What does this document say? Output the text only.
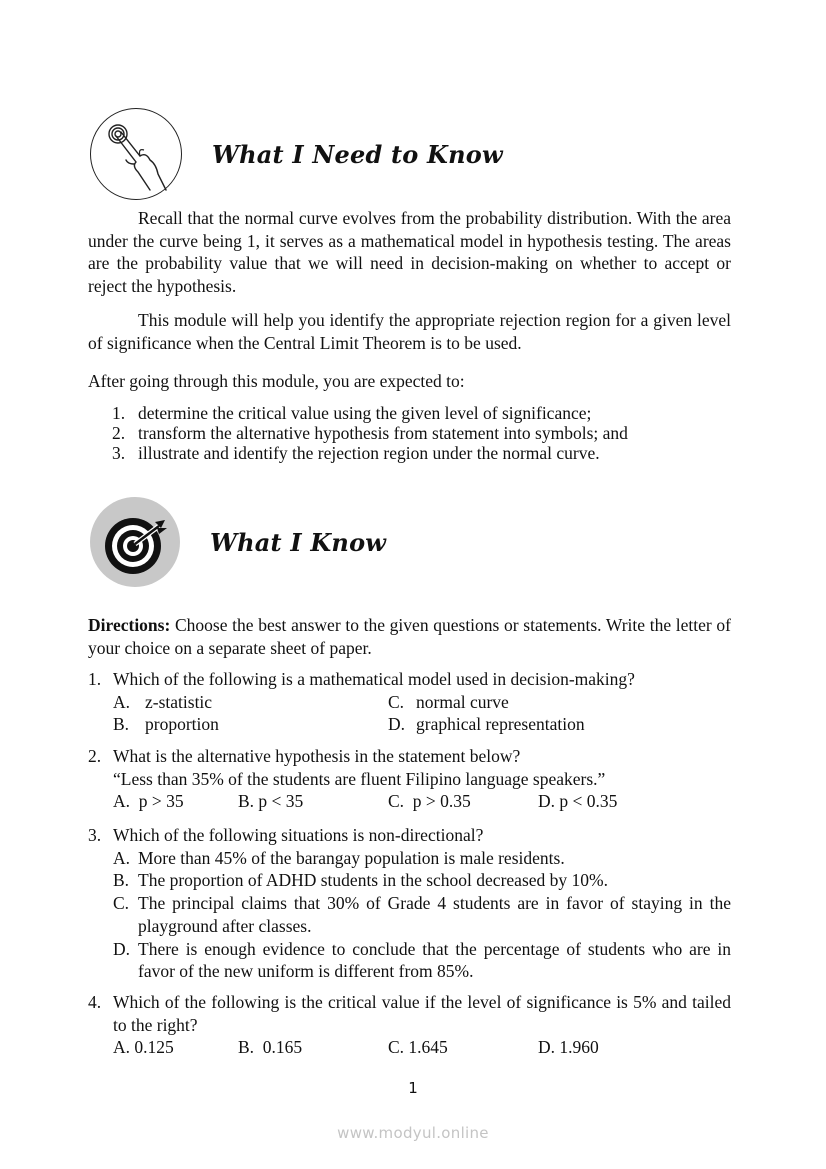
What I Need to Know
Recall that the normal curve evolves from the probability distribution. With the area under the curve being 1, it serves as a mathematical model in hypothesis testing. The areas are the probability value that we will need in decision-making on whether to accept or reject the hypothesis.
This module will help you identify the appropriate rejection region for a given level of significance when the Central Limit Theorem is to be used.
After going through this module, you are expected to:
1. determine the critical value using the given level of significance;
2. transform the alternative hypothesis from statement into symbols; and
3. illustrate and identify the rejection region under the normal curve.
What I Know
Directions: Choose the best answer to the given questions or statements. Write the letter of your choice on a separate sheet of paper.
1. Which of the following is a mathematical model used in decision-making?
A. z-statistic	C. normal curve
B. proportion	D. graphical representation
2. What is the alternative hypothesis in the statement below?
“Less than 35% of the students are fluent Filipino language speakers.”
A.  p > 35	B. p < 35	C.  p > 0.35	D. p < 0.35
3. Which of the following situations is non-directional?
A. More than 45% of the barangay population is male residents.
B. The proportion of ADHD students in the school decreased by 10%.
C. The principal claims that 30% of Grade 4 students are in favor of staying in the playground after classes.
D. There is enough evidence to conclude that the percentage of students who are in favor of the new uniform is different from 85%.
4. Which of the following is the critical value if the level of significance is 5% and tailed to the right?
A. 0.125	B.  0.165	C. 1.645	D. 1.960
1
www.modyul.online
